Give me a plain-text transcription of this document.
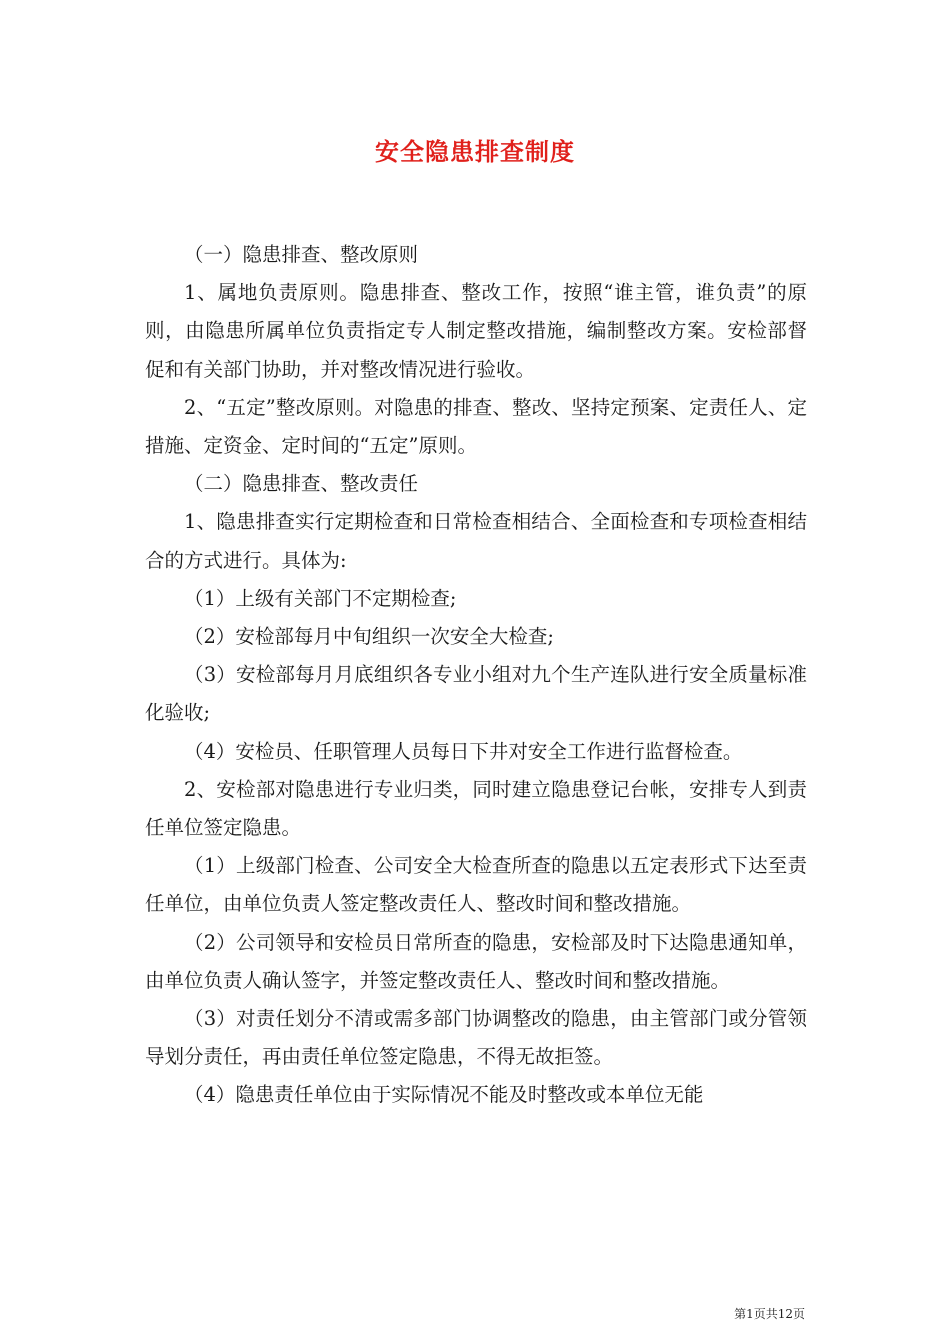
安全隐患排查制度

（一）隐患排查、整改原则

1、属地负责原则。隐患排查、整改工作，按照“谁主管，谁负责”的原则，由隐患所属单位负责指定专人制定整改措施，编制整改方案。安检部督促和有关部门协助，并对整改情况进行验收。

2、“五定”整改原则。对隐患的排查、整改、坚持定预案、定责任人、定措施、定资金、定时间的“五定”原则。

（二）隐患排查、整改责任

1、隐患排查实行定期检查和日常检查相结合、全面检查和专项检查相结合的方式进行。具体为:

（1）上级有关部门不定期检查;

（2）安检部每月中旬组织一次安全大检查;

（3）安检部每月月底组织各专业小组对九个生产连队进行安全质量标准化验收;

（4）安检员、任职管理人员每日下井对安全工作进行监督检查。

2、安检部对隐患进行专业归类，同时建立隐患登记台帐，安排专人到责任单位签定隐患。

（1）上级部门检查、公司安全大检查所查的隐患以五定表形式下达至责任单位，由单位负责人签定整改责任人、整改时间和整改措施。

（2）公司领导和安检员日常所查的隐患，安检部及时下达隐患通知单，由单位负责人确认签字，并签定整改责任人、整改时间和整改措施。

（3）对责任划分不清或需多部门协调整改的隐患，由主管部门或分管领导划分责任，再由责任单位签定隐患，不得无故拒签。

（4）隐患责任单位由于实际情况不能及时整改或本单位无能

第1页共12页
